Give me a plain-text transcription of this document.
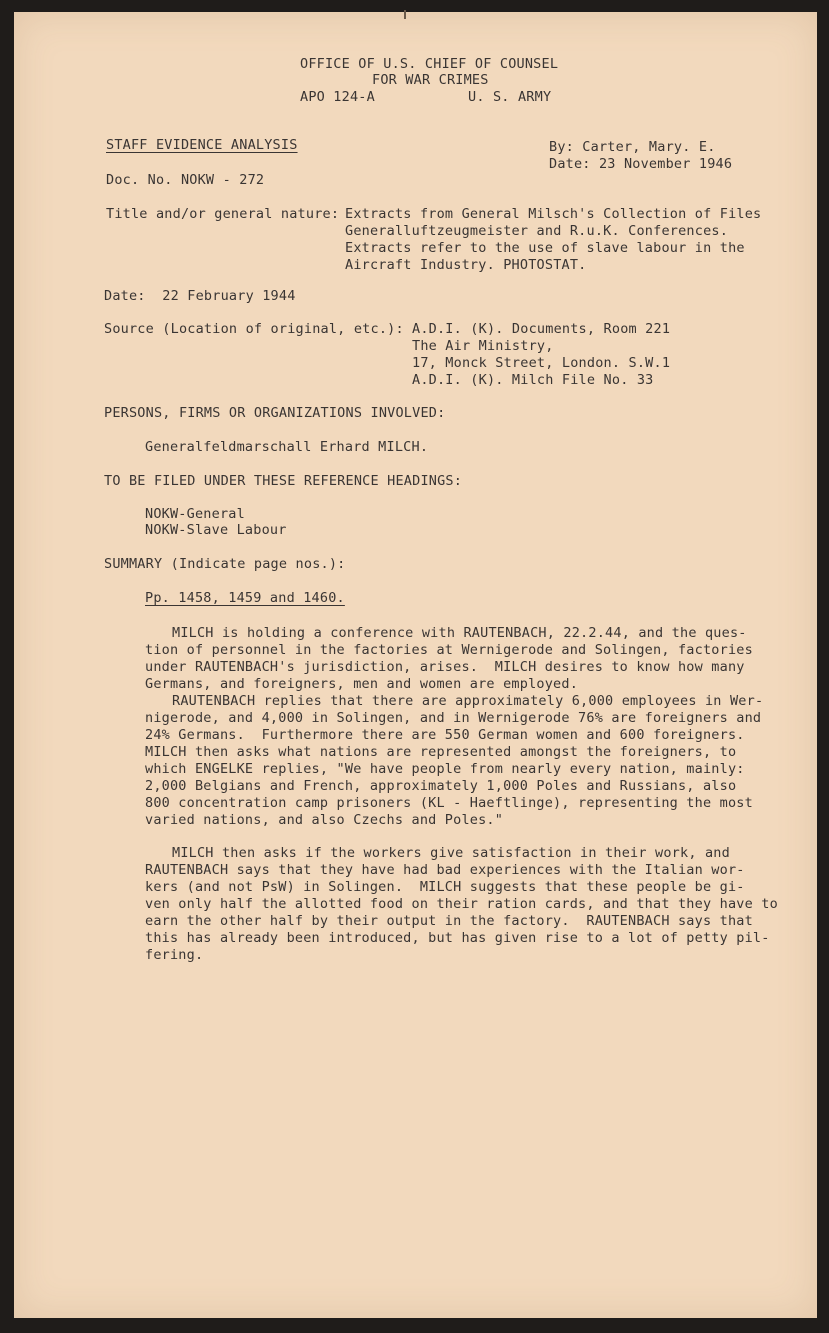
OFFICE OF U.S. CHIEF OF COUNSEL
FOR WAR CRIMES
APO 124-A	U. S. ARMY
STAFF EVIDENCE ANALYSIS	By: Carter, Mary. E.
Date: 23 November 1946
Doc. No. NOKW - 272
Title and/or general nature: Extracts from General Milsch's Collection of Files
Generalluftzeugmeister and R.u.K. Conferences.
Extracts refer to the use of slave labour in the
Aircraft Industry. PHOTOSTAT.
Date:  22 February 1944
Source (Location of original, etc.): A.D.I. (K). Documents, Room 221
The Air Ministry,
17, Monck Street, London. S.W.1
A.D.I. (K). Milch File No. 33
PERSONS, FIRMS OR ORGANIZATIONS INVOLVED:
Generalfeldmarschall Erhard MILCH.
TO BE FILED UNDER THESE REFERENCE HEADINGS:
NOKW-General
NOKW-Slave Labour
SUMMARY (Indicate page nos.):
Pp. 1458, 1459 and 1460.
MILCH is holding a conference with RAUTENBACH, 22.2.44, and the ques-
tion of personnel in the factories at Wernigerode and Solingen, factories
under RAUTENBACH's jurisdiction, arises.  MILCH desires to know how many
Germans, and foreigners, men and women are employed.
RAUTENBACH replies that there are approximately 6,000 employees in Wer-
nigerode, and 4,000 in Solingen, and in Wernigerode 76% are foreigners and
24% Germans.  Furthermore there are 550 German women and 600 foreigners.
MILCH then asks what nations are represented amongst the foreigners, to
which ENGELKE replies, "We have people from nearly every nation, mainly:
2,000 Belgians and French, approximately 1,000 Poles and Russians, also
800 concentration camp prisoners (KL - Haeftlinge), representing the most
varied nations, and also Czechs and Poles."
MILCH then asks if the workers give satisfaction in their work, and
RAUTENBACH says that they have had bad experiences with the Italian wor-
kers (and not PsW) in Solingen.  MILCH suggests that these people be gi-
ven only half the allotted food on their ration cards, and that they have to
earn the other half by their output in the factory.  RAUTENBACH says that
this has already been introduced, but has given rise to a lot of petty pil-
fering.
